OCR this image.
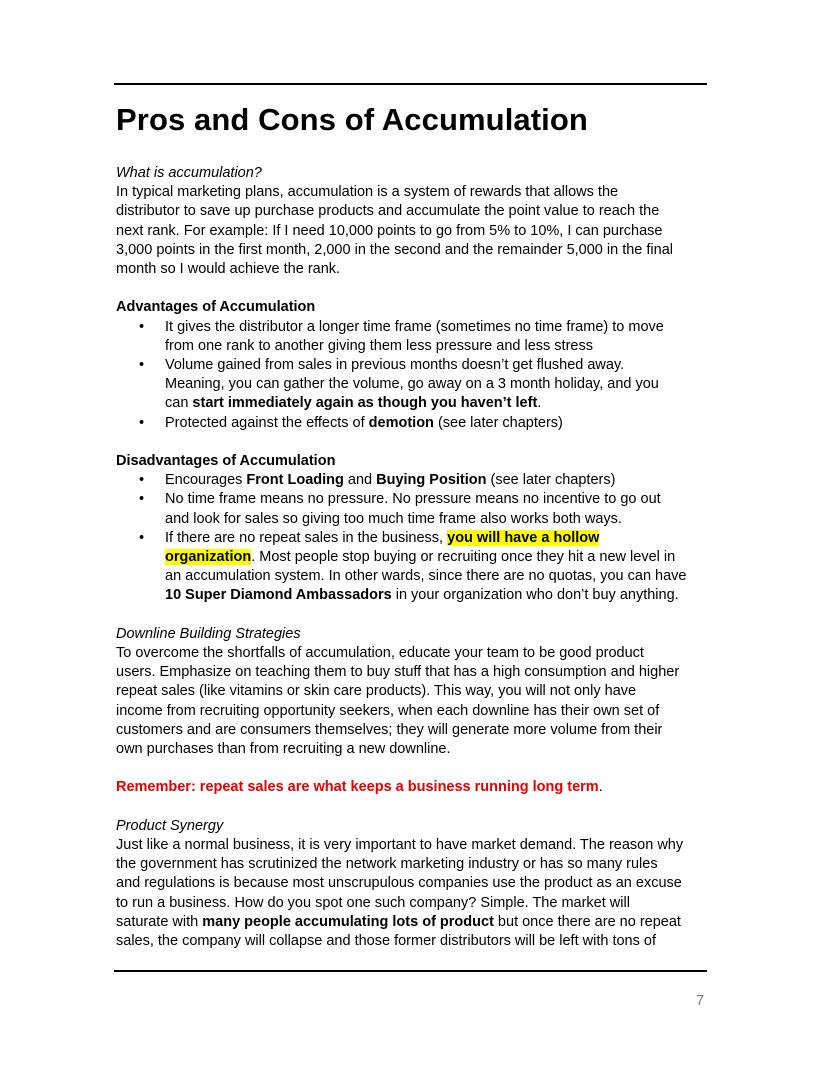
Pros and Cons of Accumulation

What is accumulation?

In typical marketing plans, accumulation is a system of rewards that allows the
distributor to save up purchase products and accumulate the point value to reach the
next rank. For example: If I need 10,000 points to go from 5% to 10%, I can purchase
3,000 points in the first month, 2,000 in the second and the remainder 5,000 in the final
month so I would achieve the rank.

Advantages of Accumulation

• It gives the distributor a longer time frame (sometimes no time frame) to move
from one rank to another giving them less pressure and less stress
• Volume gained from sales in previous months doesn’t get flushed away.
Meaning, you can gather the volume, go away on a 3 month holiday, and you
can start immediately again as though you haven’t left.
• Protected against the effects of demotion (see later chapters)

Disadvantages of Accumulation

• Encourages Front Loading and Buying Position (see later chapters)
• No time frame means no pressure. No pressure means no incentive to go out
and look for sales so giving too much time frame also works both ways.
• If there are no repeat sales in the business, you will have a hollow
organization. Most people stop buying or recruiting once they hit a new level in
an accumulation system. In other wards, since there are no quotas, you can have
10 Super Diamond Ambassadors in your organization who don’t buy anything.

Downline Building Strategies

To overcome the shortfalls of accumulation, educate your team to be good product
users. Emphasize on teaching them to buy stuff that has a high consumption and higher
repeat sales (like vitamins or skin care products). This way, you will not only have
income from recruiting opportunity seekers, when each downline has their own set of
customers and are consumers themselves; they will generate more volume from their
own purchases than from recruiting a new downline.

Remember: repeat sales are what keeps a business running long term.

Product Synergy

Just like a normal business, it is very important to have market demand. The reason why
the government has scrutinized the network marketing industry or has so many rules
and regulations is because most unscrupulous companies use the product as an excuse
to run a business. How do you spot one such company? Simple. The market will
saturate with many people accumulating lots of product but once there are no repeat
sales, the company will collapse and those former distributors will be left with tons of

7
